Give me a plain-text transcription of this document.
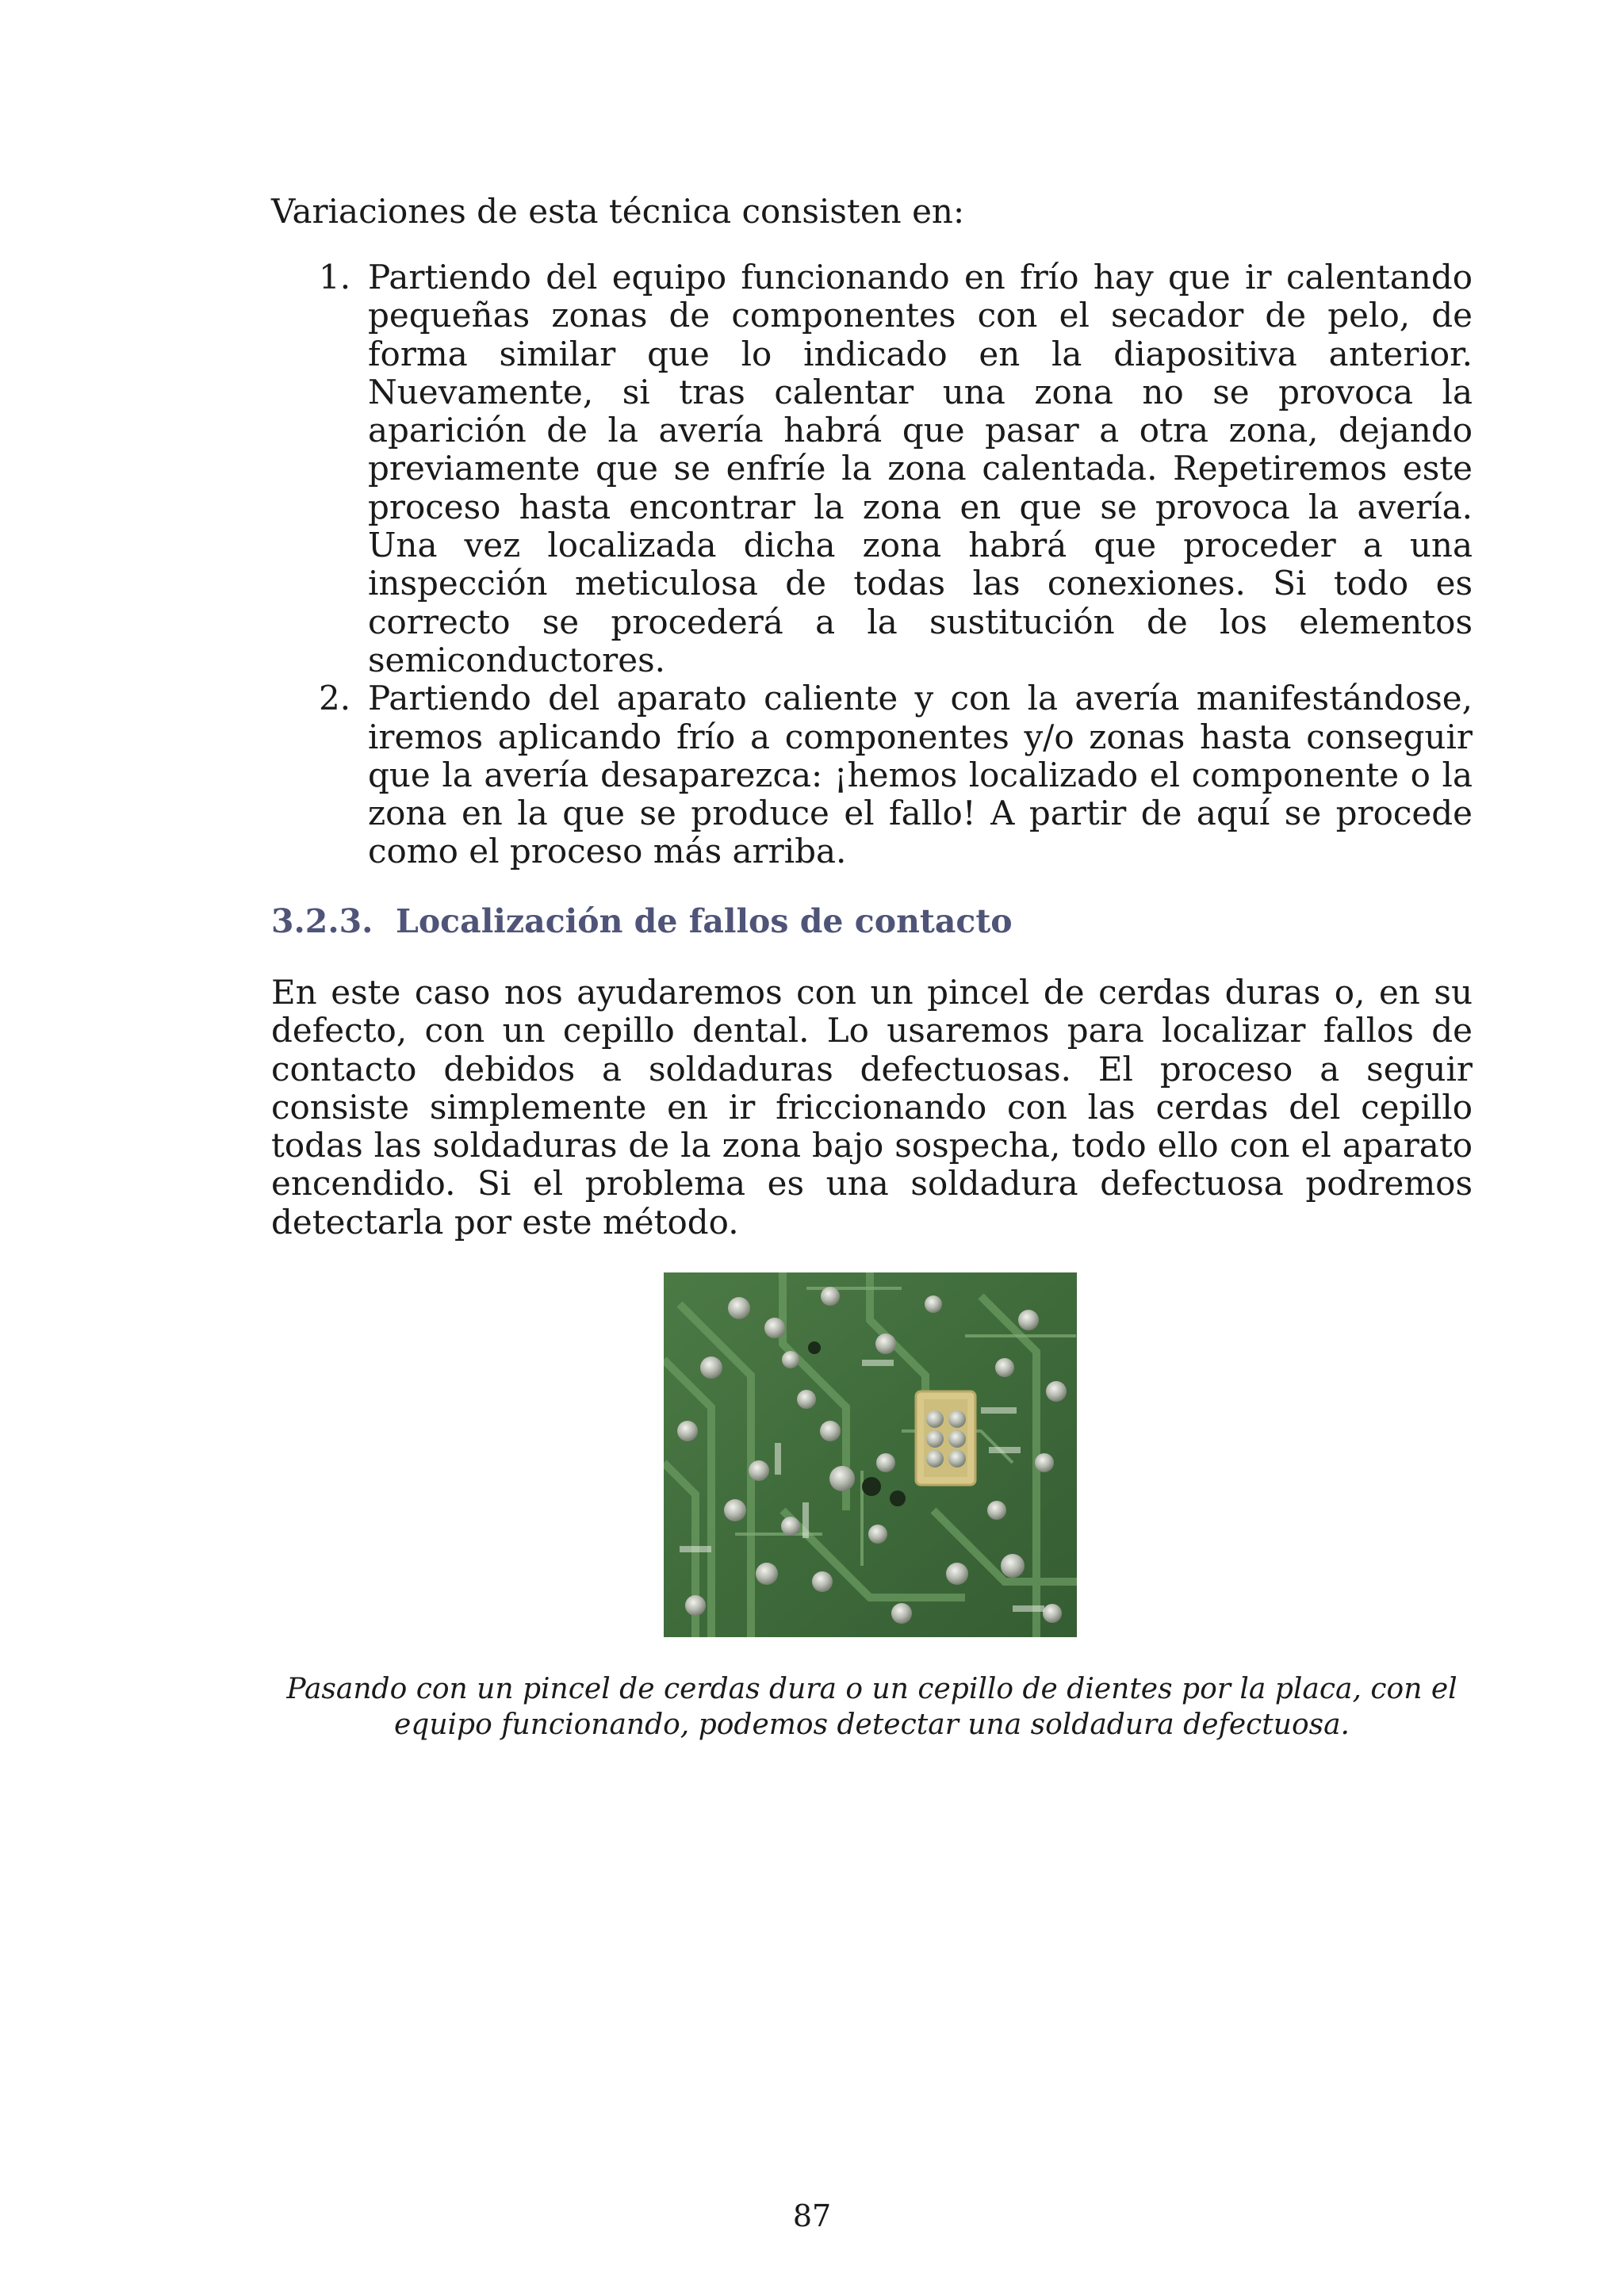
Variaciones de esta técnica consisten en:
1. Partiendo del equipo funcionando en frío hay que ir calentando pequeñas zonas de componentes con el secador de pelo, de forma similar que lo indicado en la diapositiva anterior. Nuevamente, si tras calentar una zona no se provoca la aparición de la avería habrá que pasar a otra zona, dejando previamente que se enfríe la zona calentada. Repetiremos este proceso hasta encontrar la zona en que se provoca la avería. Una vez localizada dicha zona habrá que proceder a una inspección meticulosa de todas las conexiones. Si todo es correcto se procederá a la sustitución de los elementos semiconductores.
2. Partiendo del aparato caliente y con la avería manifestándose, iremos aplicando frío a componentes y/o zonas hasta conseguir que la avería desaparezca: ¡hemos localizado el componente o la zona en la que se produce el fallo! A partir de aquí se procede como el proceso más arriba.
3.2.3. Localización de fallos de contacto
En este caso nos ayudaremos con un pincel de cerdas duras o, en su defecto, con un cepillo dental. Lo usaremos para localizar fallos de contacto debidos a soldaduras defectuosas. El proceso a seguir consiste simplemente en ir friccionando con las cerdas del cepillo todas las soldaduras de la zona bajo sospecha, todo ello con el aparato encendido. Si el problema es una soldadura defectuosa podremos detectarla por este método.
Pasando con un pincel de cerdas dura o un cepillo de dientes por la placa, con el equipo funcionando, podemos detectar una soldadura defectuosa.
87
